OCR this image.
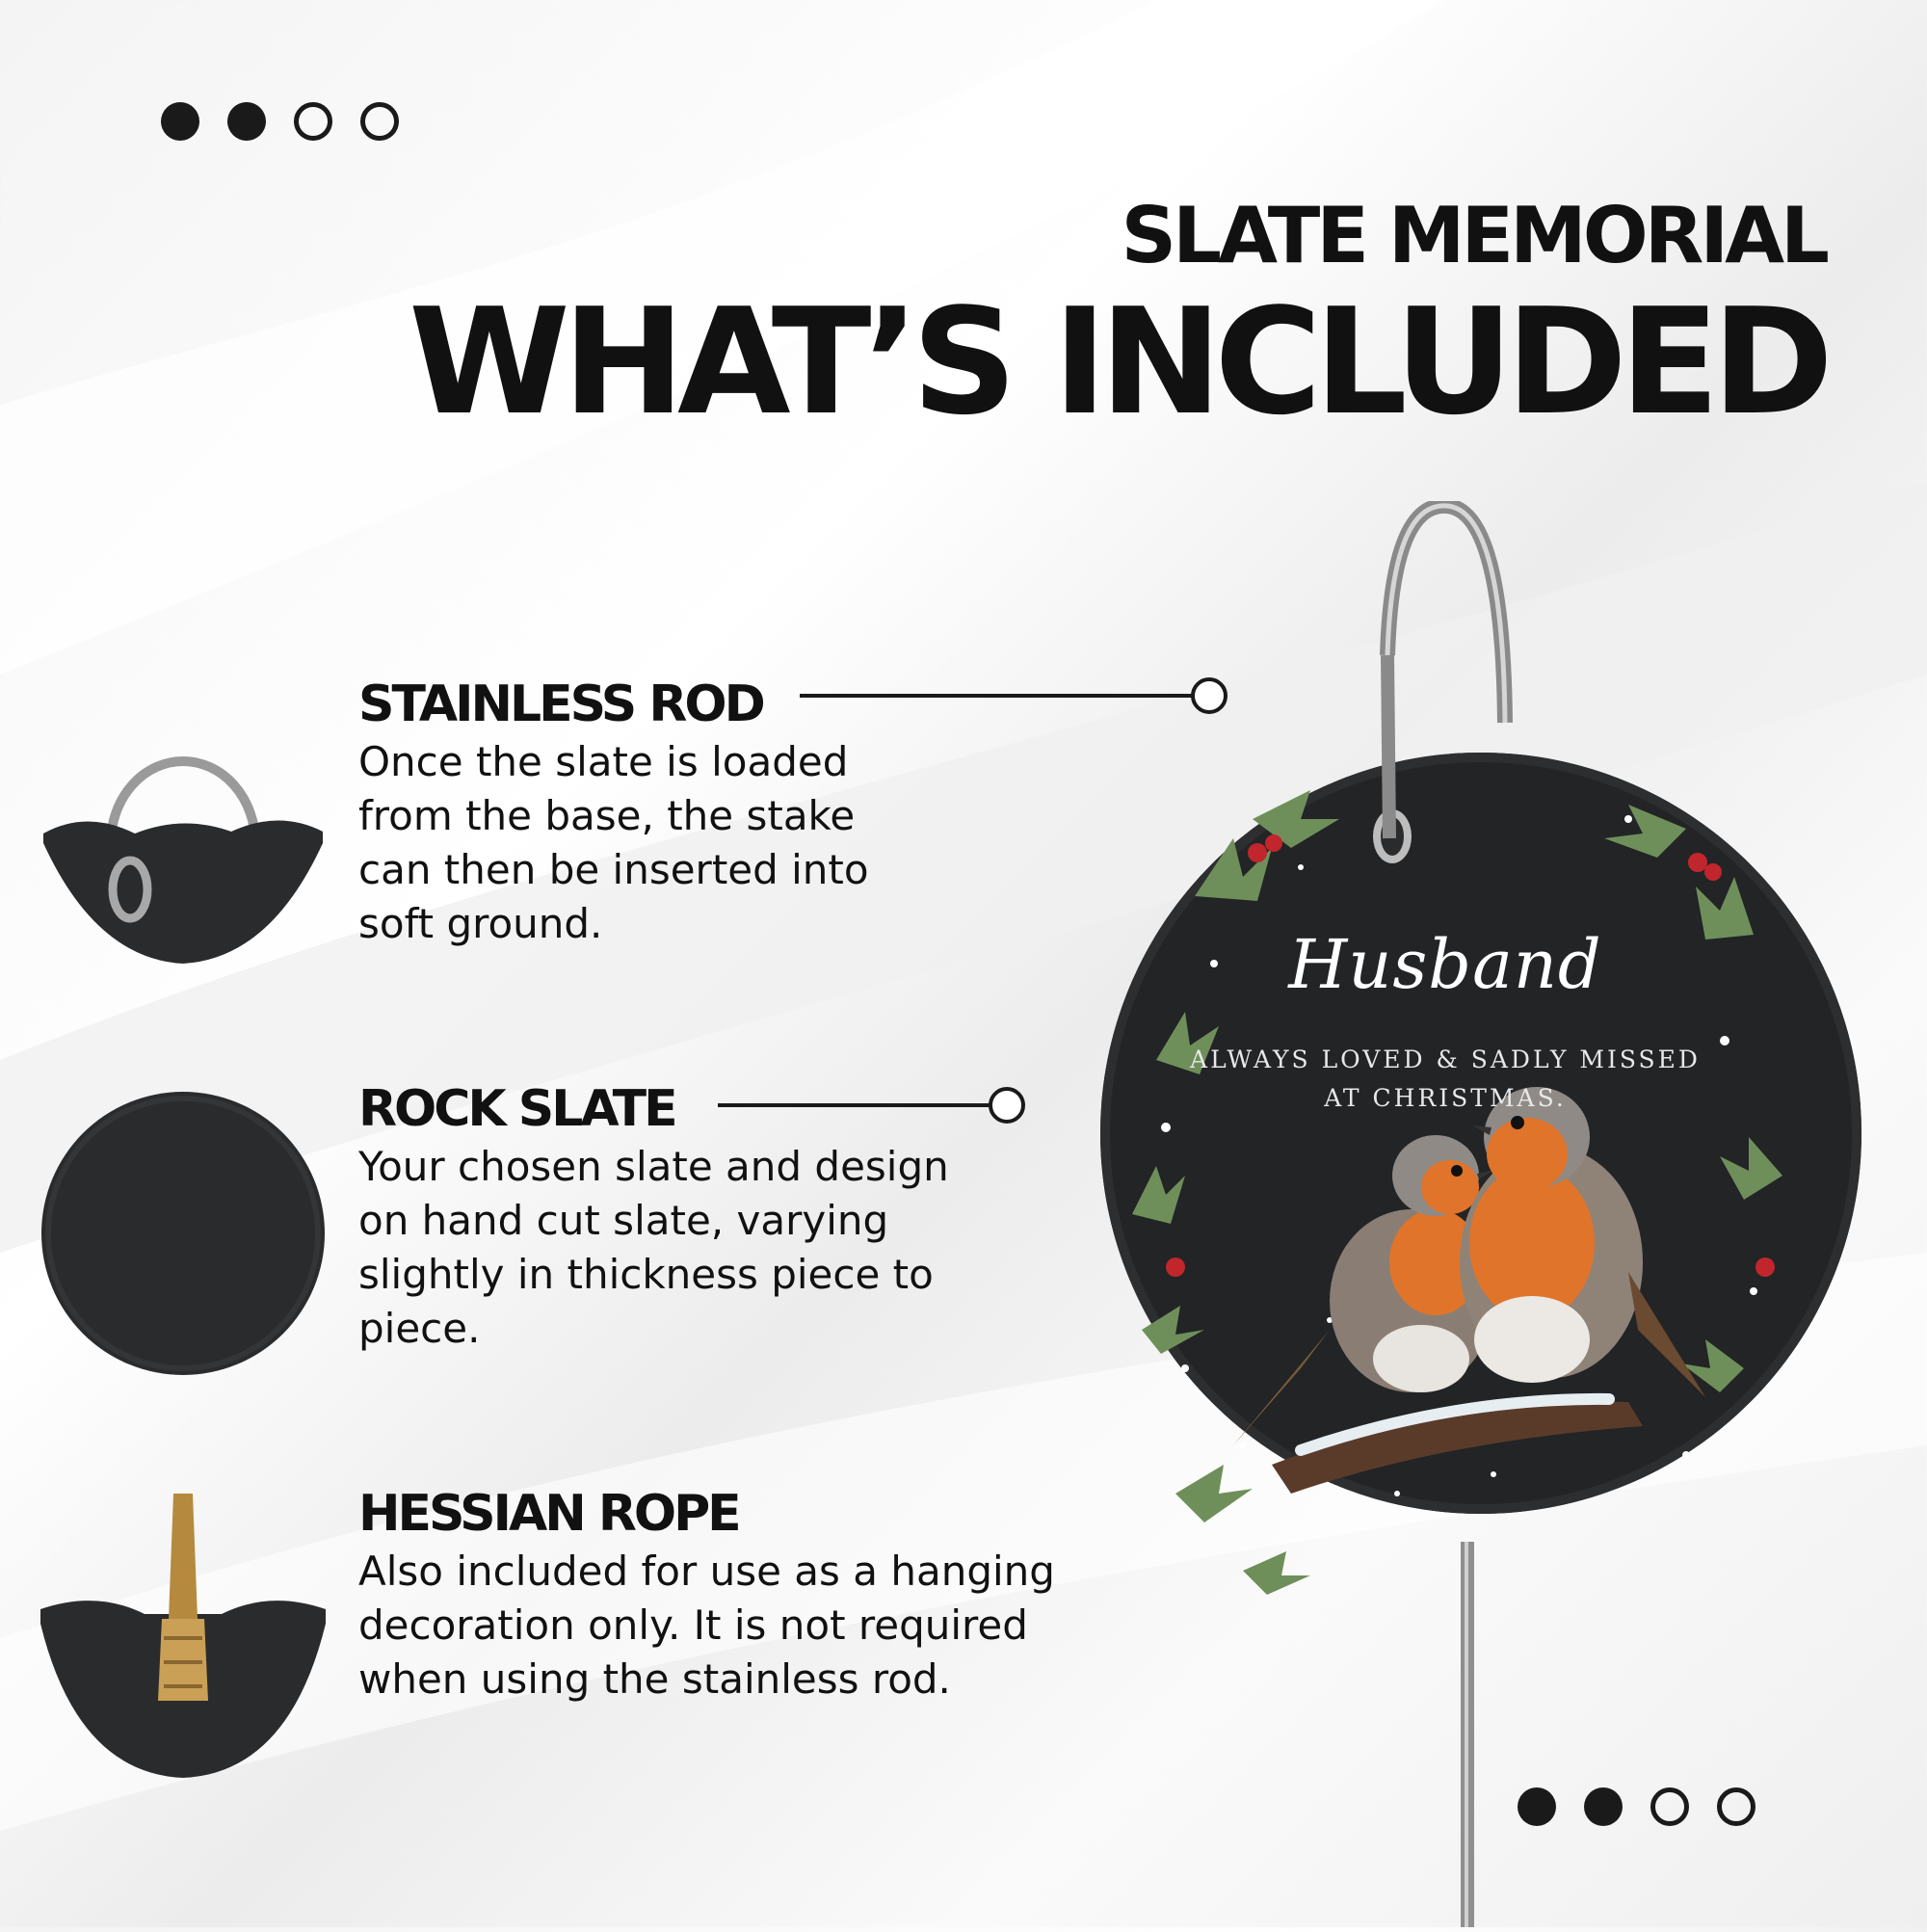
SLATE MEMORIAL
WHAT’S INCLUDED
STAINLESS ROD

Once the slate is loaded
from the base, the stake
can then be inserted into
soft ground.

ROCK SLATE

Your chosen slate and design
on hand cut slate, varying
slightly in thickness piece to
piece.

HESSIAN ROPE

Also included for use as a hanging
decoration only. It is not required
when using the stainless rod.

Husband
ALWAYS LOVED & SADLY MISSED
AT CHRISTMAS.
